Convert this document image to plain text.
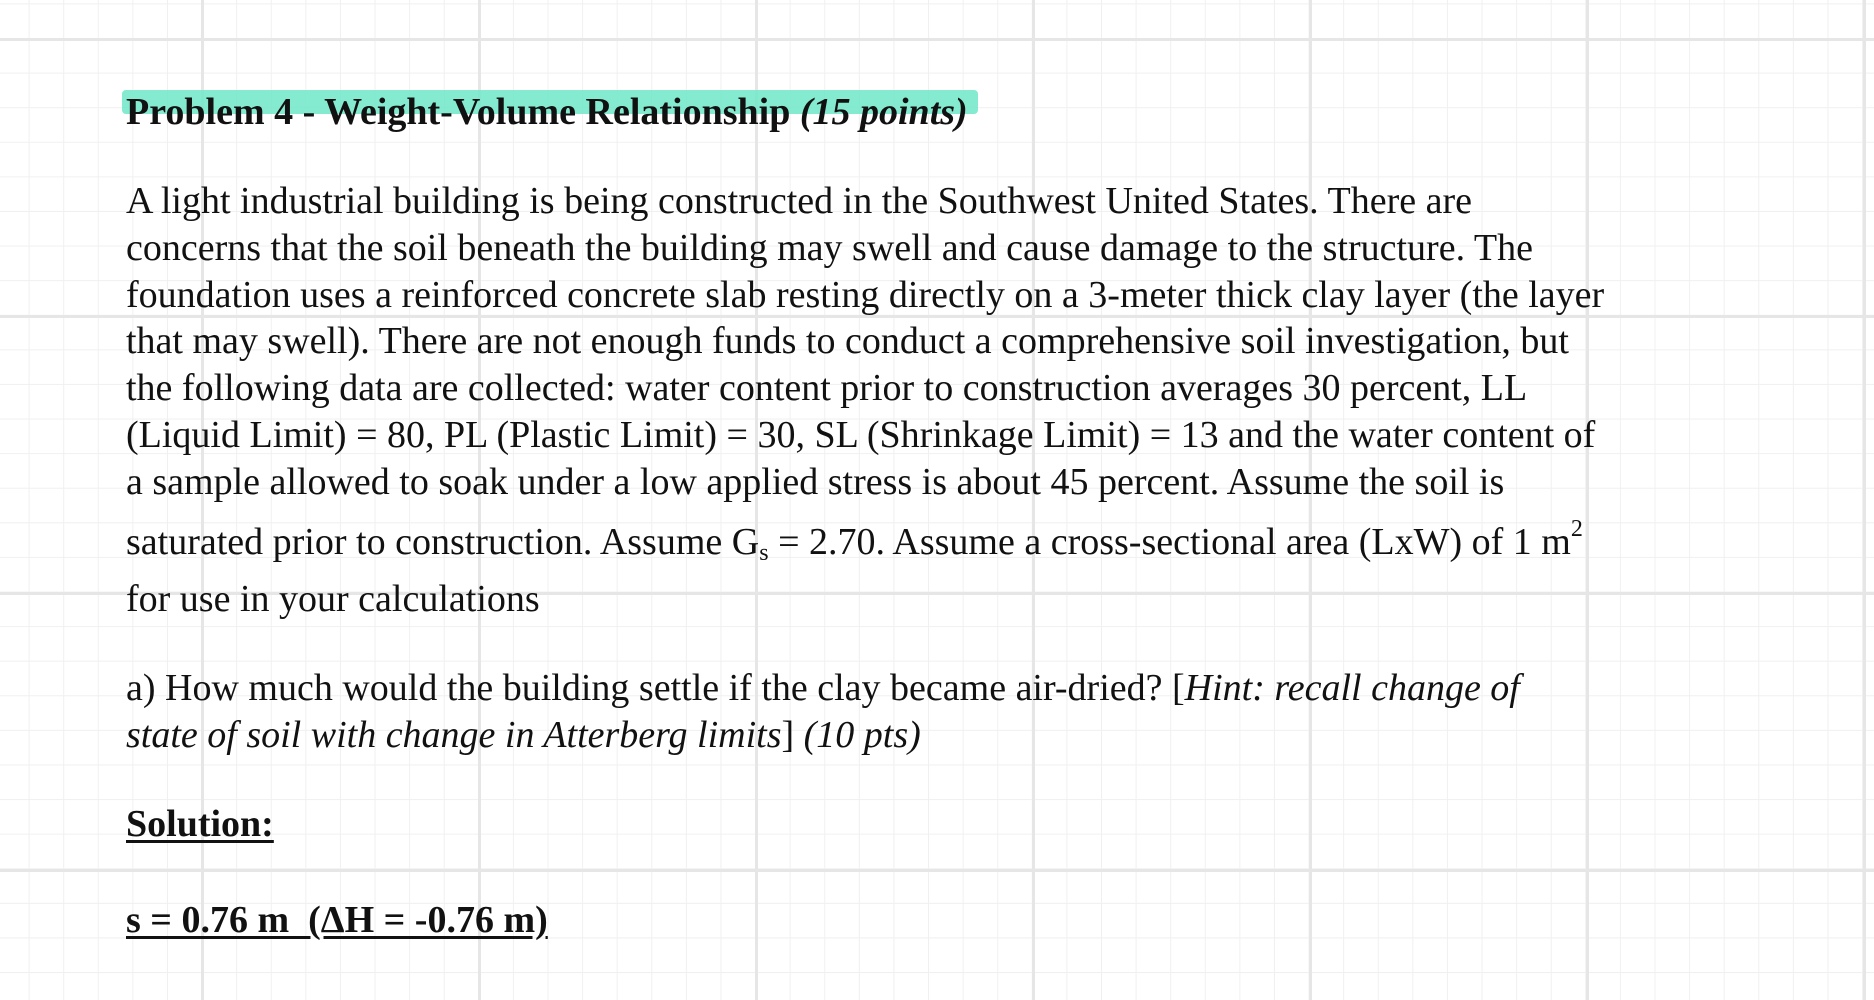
Problem 4 - Weight-Volume Relationship (15 points)
A light industrial building is being constructed in the Southwest United States. There are
concerns that the soil beneath the building may swell and cause damage to the structure. The
foundation uses a reinforced concrete slab resting directly on a 3-meter thick clay layer (the layer
that may swell). There are not enough funds to conduct a comprehensive soil investigation, but
the following data are collected: water content prior to construction averages 30 percent, LL
(Liquid Limit) = 80, PL (Plastic Limit) = 30, SL (Shrinkage Limit) = 13 and the water content of
a sample allowed to soak under a low applied stress is about 45 percent. Assume the soil is
saturated prior to construction. Assume $G_s = 2.70$. Assume a cross-sectional area (LxW) of 1 $m^2$
for use in your calculations
a) How much would the building settle if the clay became air-dried? [Hint: recall change of
state of soil with change in Atterberg limits] (10 pts)
Solution:
s = 0.76 m  (ΔH = -0.76 m)
